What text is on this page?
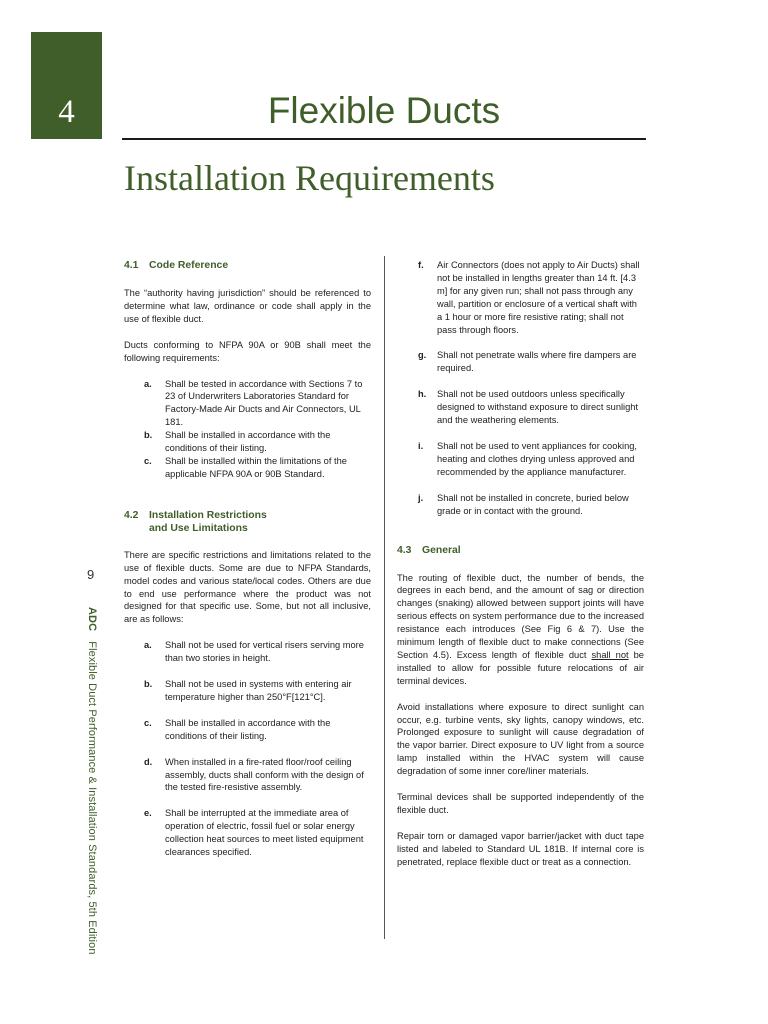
4	Flexible Ducts
Installation Requirements
9
ADC Flexible Duct Performance & Installation Standards, 5th Edition
4.1 Code Reference

The “authority having jurisdiction” should be referenced to determine what law, ordinance or code shall apply in the use of flexible duct.

Ducts conforming to NFPA 90A or 90B shall meet the following requirements:

a. Shall be tested in accordance with Sections 7 to 23 of Underwriters Laboratories Standard for Factory-Made Air Ducts and Air Connectors, UL 181.
b. Shall be installed in accordance with the conditions of their listing.
c. Shall be installed within the limitations of the applicable NFPA 90A or 90B Standard.
4.2 Installation Restrictions
and Use Limitations

There are specific restrictions and limitations related to the use of flexible ducts. Some are due to NFPA Standards, model codes and various state/local codes. Others are due to end use performance where the product was not designed for that specific use. Some, but not all inclusive, are as follows:

a. Shall not be used for vertical risers serving more than two stories in height.
b. Shall not be used in systems with entering air temperature higher than 250°F[121°C].
c. Shall be installed in accordance with the conditions of their listing.
d. When installed in a fire-rated floor/roof ceiling assembly, ducts shall conform with the design of the tested fire-resistive assembly.
e. Shall be interrupted at the immediate area of operation of electric, fossil fuel or solar energy collection heat sources to meet listed equipment clearances specified.
f. Air Connectors (does not apply to Air Ducts) shall not be installed in lengths greater than 14 ft. [4.3 m] for any given run; shall not pass through any wall, partition or enclosure of a vertical shaft with a 1 hour or more fire resistive rating; shall not pass through floors.
g. Shall not penetrate walls where fire dampers are required.
h. Shall not be used outdoors unless specifically designed to withstand exposure to direct sunlight and the weathering elements.
i. Shall not be used to vent appliances for cooking, heating and clothes drying unless approved and recommended by the appliance manufacturer.
j. Shall not be installed in concrete, buried below grade or in contact with the ground.
4.3 General

The routing of flexible duct, the number of bends, the degrees in each bend, and the amount of sag or direction changes (snaking) allowed between support joints will have serious effects on system performance due to the increased resistance each introduces (See Fig 6 & 7). Use the minimum length of flexible duct to make connections (See Section 4.5). Excess length of flexible duct shall not be installed to allow for possible future relocations of air terminal devices.

Avoid installations where exposure to direct sunlight can occur, e.g. turbine vents, sky lights, canopy windows, etc. Prolonged exposure to sunlight will cause degradation of the vapor barrier. Direct exposure to UV light from a source lamp installed within the HVAC system will cause degradation of some inner core/liner materials.

Terminal devices shall be supported independently of the flexible duct.

Repair torn or damaged vapor barrier/jacket with duct tape listed and labeled to Standard UL 181B. If internal core is penetrated, replace flexible duct or treat as a connection.
